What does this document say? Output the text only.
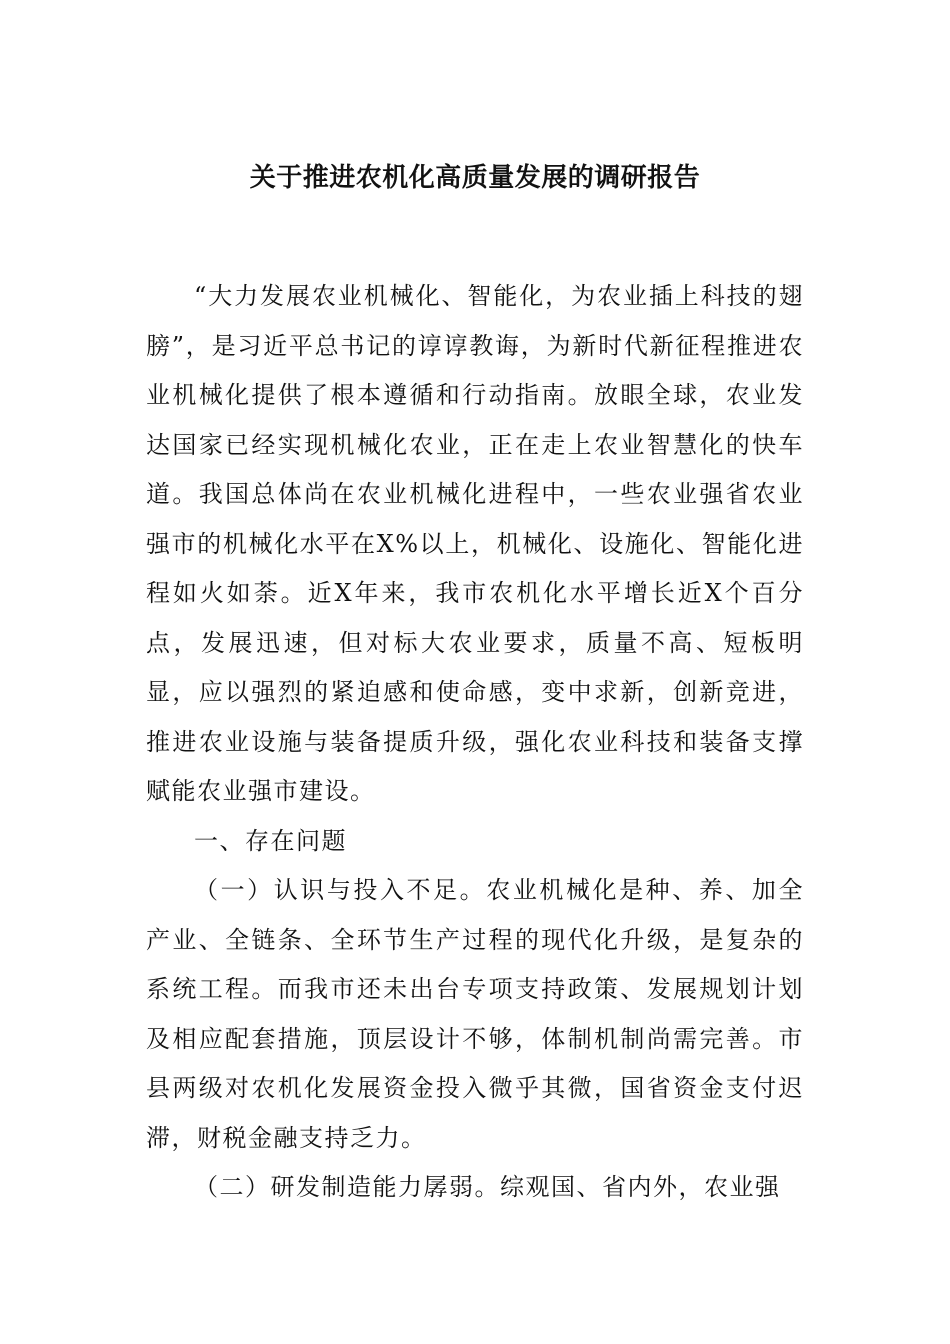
关于推进农机化高质量发展的调研报告

“大力发展农业机械化、智能化，为农业插上科技的翅膀”，是习近平总书记的谆谆教诲，为新时代新征程推进农业机械化提供了根本遵循和行动指南。放眼全球，农业发达国家已经实现机械化农业，正在走上农业智慧化的快车道。我国总体尚在农业机械化进程中，一些农业强省农业强市的机械化水平在X%以上，机械化、设施化、智能化进程如火如荼。近X年来，我市农机化水平增长近X个百分点，发展迅速，但对标大农业要求，质量不高、短板明显，应以强烈的紧迫感和使命感，变中求新，创新竞进，推进农业设施与装备提质升级，强化农业科技和装备支撑赋能农业强市建设。

一、存在问题

（一）认识与投入不足。农业机械化是种、养、加全产业、全链条、全环节生产过程的现代化升级，是复杂的系统工程。而我市还未出台专项支持政策、发展规划计划及相应配套措施，顶层设计不够，体制机制尚需完善。市县两级对农机化发展资金投入微乎其微，国省资金支付迟滞，财税金融支持乏力。

（二）研发制造能力孱弱。综观国、省内外，农业强
